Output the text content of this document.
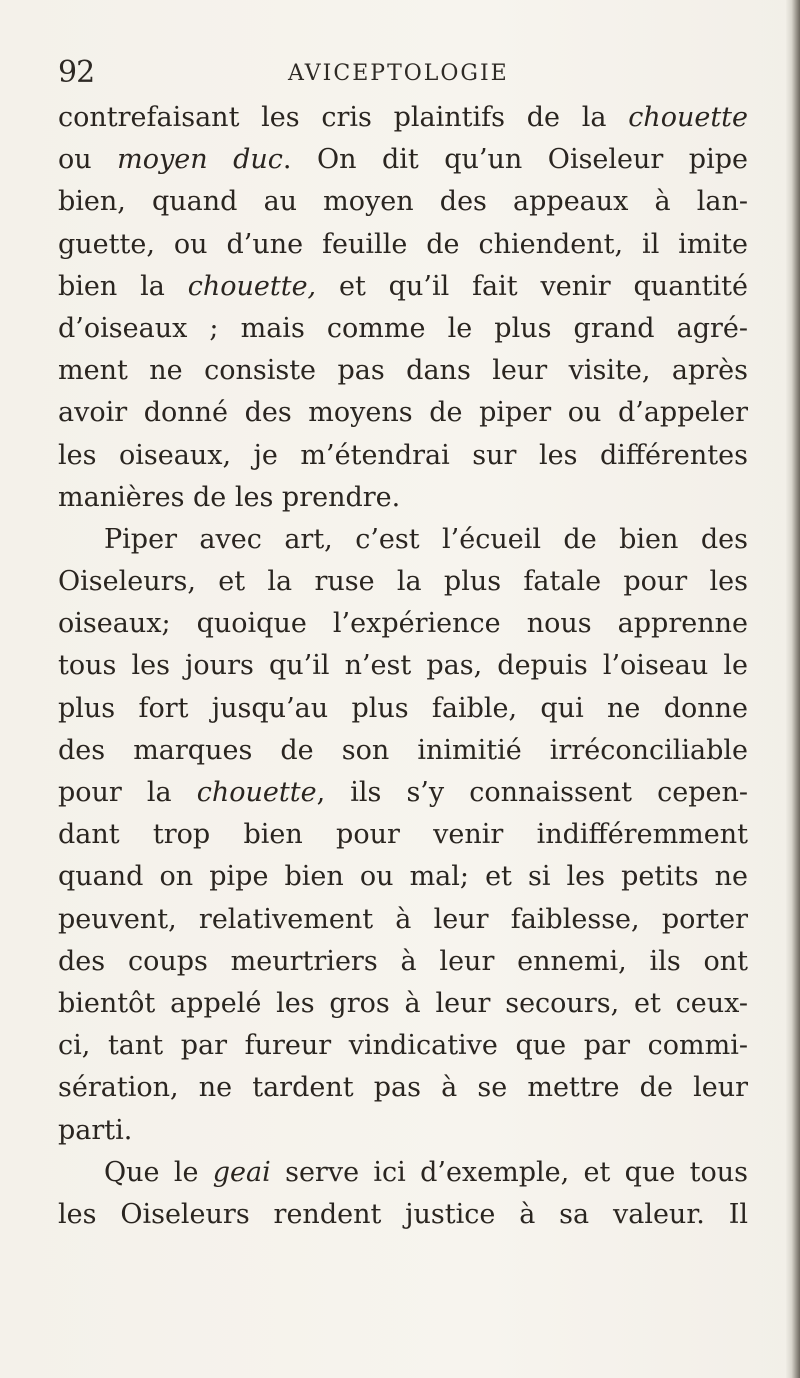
92	AVICEPTOLOGIE
contrefaisant les cris plaintifs de la chouette
ou moyen duc. On dit qu’un Oiseleur pipe
bien, quand au moyen des appeaux à lan-
guette, ou d’une feuille de chiendent, il imite
bien la chouette, et qu’il fait venir quantité
d’oiseaux ; mais comme le plus grand agré-
ment ne consiste pas dans leur visite, après
avoir donné des moyens de piper ou d’appeler
les oiseaux, je m’étendrai sur les différentes
manières de les prendre.
Piper avec art, c’est l’écueil de bien des
Oiseleurs, et la ruse la plus fatale pour les
oiseaux; quoique l’expérience nous apprenne
tous les jours qu’il n’est pas, depuis l’oiseau le
plus fort jusqu’au plus faible, qui ne donne
des marques de son inimitié irréconciliable
pour la chouette, ils s’y connaissent cepen-
dant trop bien pour venir indifféremment
quand on pipe bien ou mal; et si les petits ne
peuvent, relativement à leur faiblesse, porter
des coups meurtriers à leur ennemi, ils ont
bientôt appelé les gros à leur secours, et ceux-
ci, tant par fureur vindicative que par commi-
sération, ne tardent pas à se mettre de leur
parti.
Que le geai serve ici d’exemple, et que tous
les Oiseleurs rendent justice à sa valeur. Il
